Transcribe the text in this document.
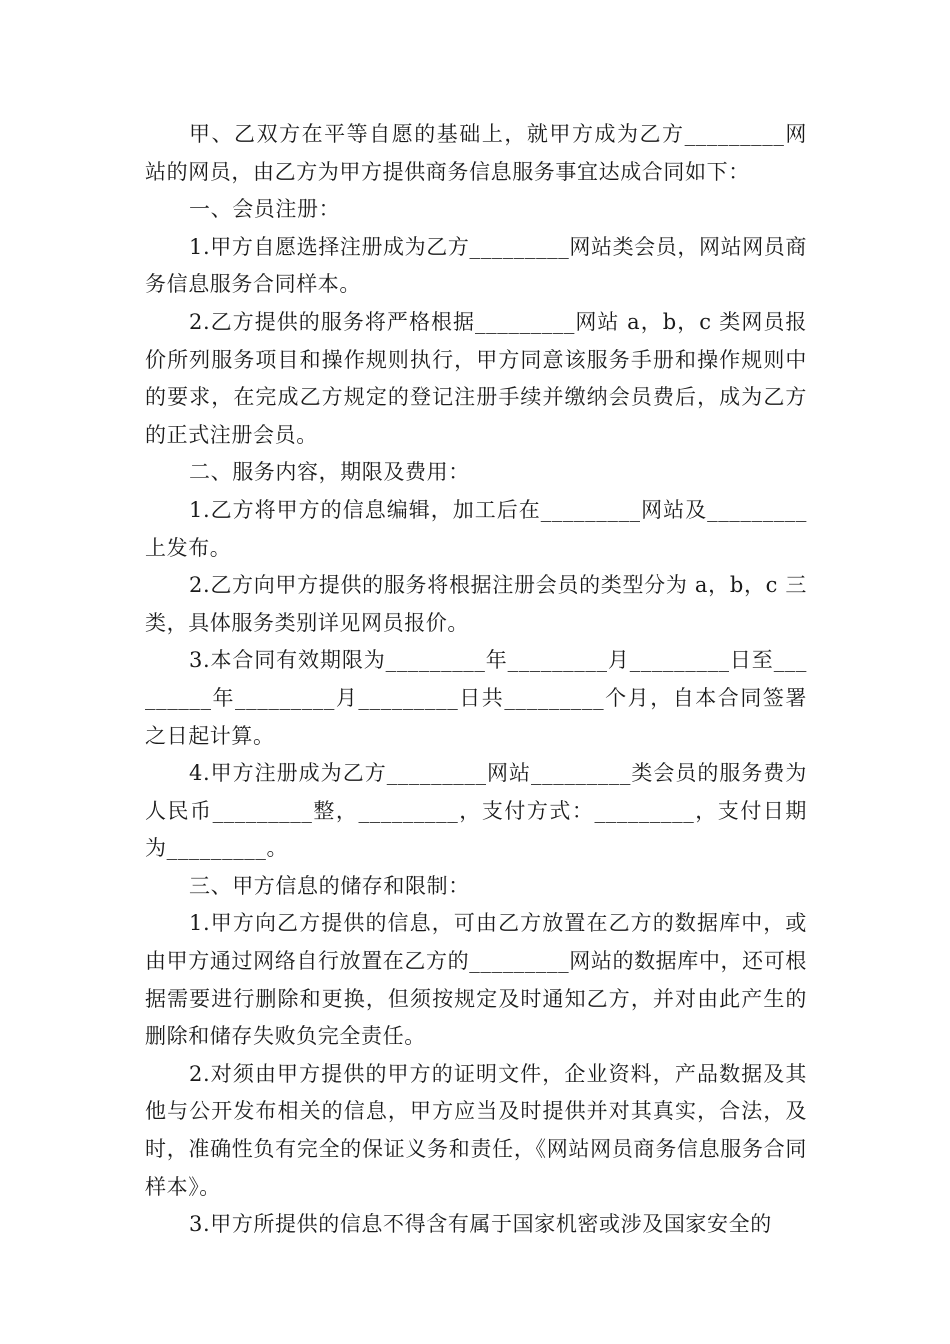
甲、乙双方在平等自愿的基础上，就甲方成为乙方_________网站的网员，由乙方为甲方提供商务信息服务事宜达成合同如下：

一、会员注册：

1.甲方自愿选择注册成为乙方_________网站类会员，网站网员商务信息服务合同样本。

2.乙方提供的服务将严格根据_________网站 a，b，c 类网员报价所列服务项目和操作规则执行，甲方同意该服务手册和操作规则中的要求，在完成乙方规定的登记注册手续并缴纳会员费后，成为乙方的正式注册会员。

二、服务内容，期限及费用：

1.乙方将甲方的信息编辑，加工后在_________网站及_________上发布。

2.乙方向甲方提供的服务将根据注册会员的类型分为 a，b，c 三类，具体服务类别详见网员报价。

3.本合同有效期限为_________年_________月_________日至_________年_________月_________日共_________个月，自本合同签署之日起计算。

4.甲方注册成为乙方_________网站_________类会员的服务费为人民币_________整，_________，支付方式：_________，支付日期为_________。

三、甲方信息的储存和限制：

1.甲方向乙方提供的信息，可由乙方放置在乙方的数据库中，或由甲方通过网络自行放置在乙方的_________网站的数据库中，还可根据需要进行删除和更换，但须按规定及时通知乙方，并对由此产生的删除和储存失败负完全责任。

2.对须由甲方提供的甲方的证明文件，企业资料，产品数据及其他与公开发布相关的信息，甲方应当及时提供并对其真实，合法，及时，准确性负有完全的保证义务和责任，《网站网员商务信息服务合同样本》。

3.甲方所提供的信息不得含有属于国家机密或涉及国家安全的
